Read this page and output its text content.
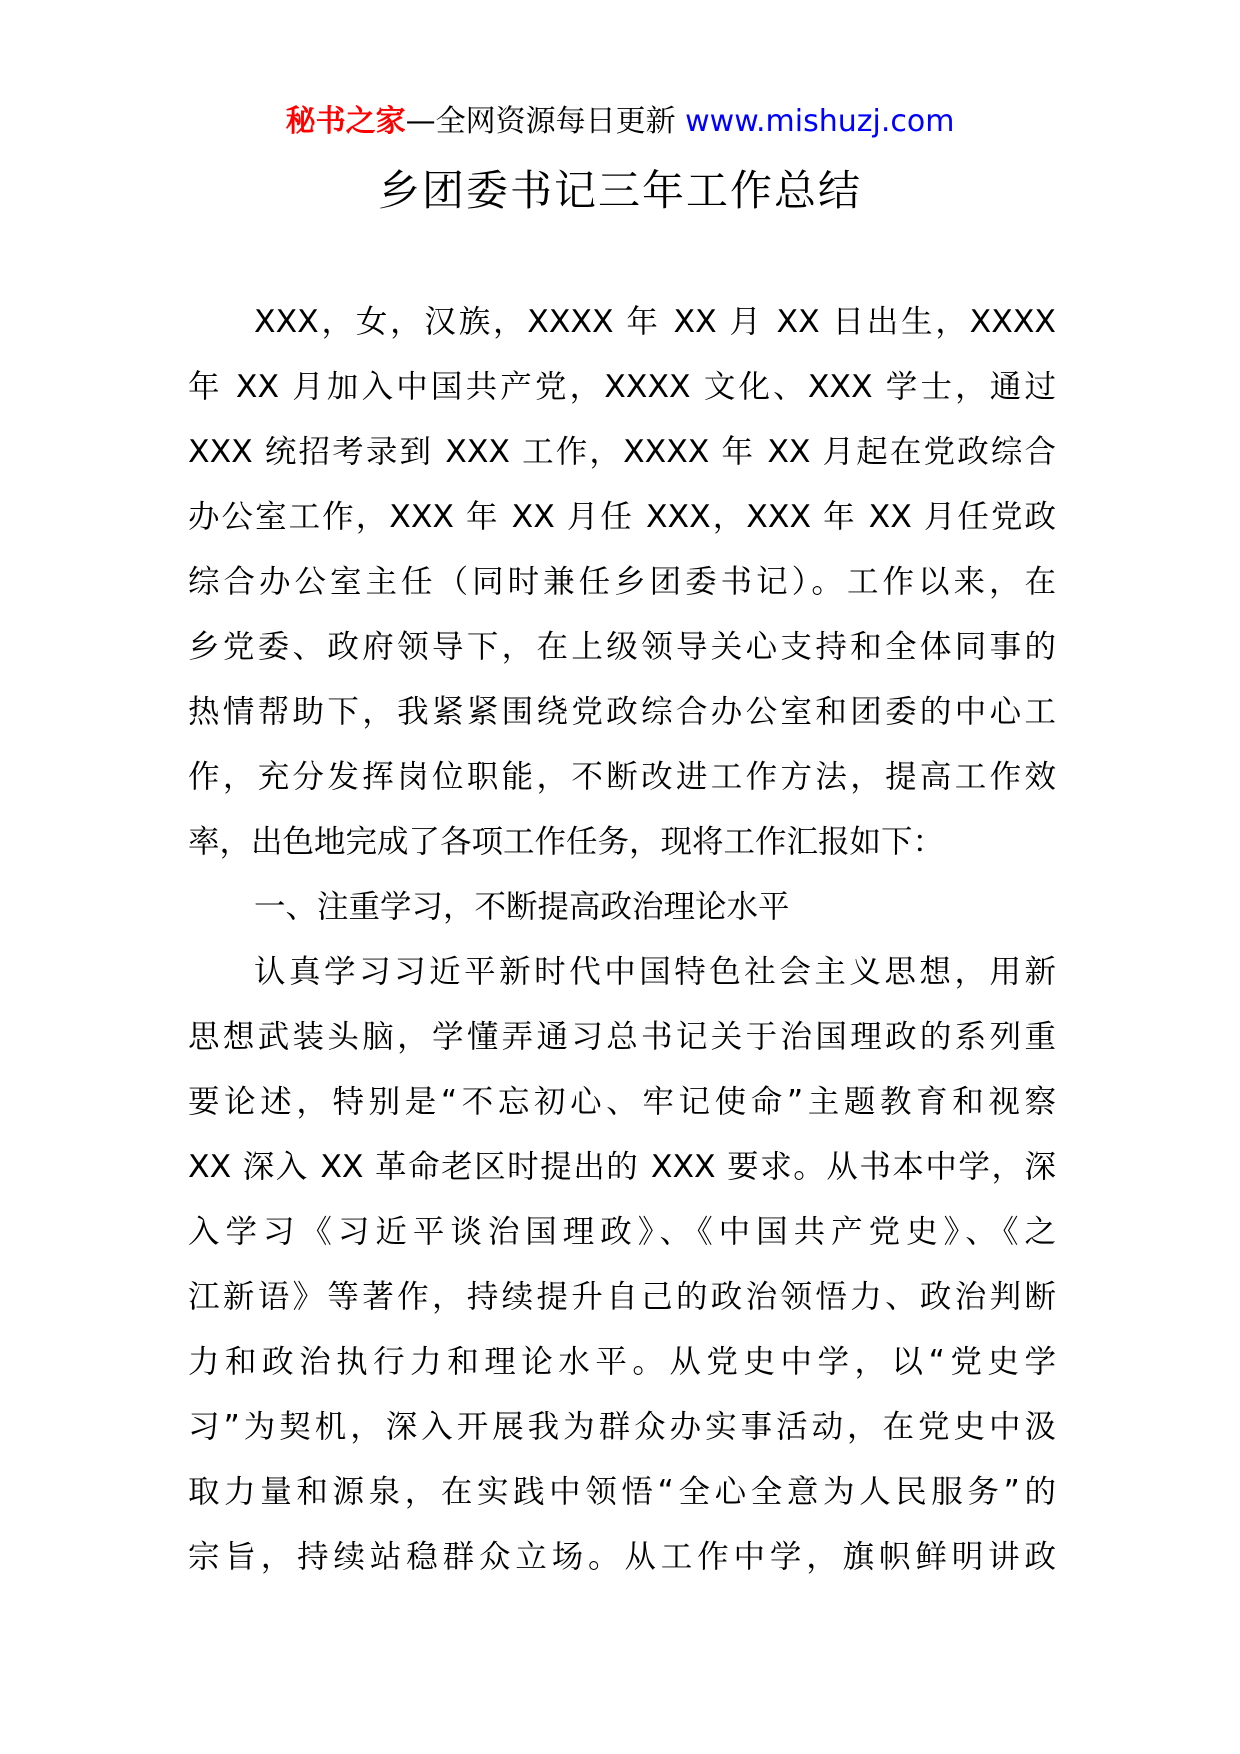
秘书之家—全网资源每日更新 www.mishuzj.com
乡团委书记三年工作总结
XXX，女，汉族，XXXX 年 XX 月 XX 日出生，XXXX
年 XX 月加入中国共产党，XXXX 文化、XXX 学士，通过
XXX 统招考录到 XXX 工作，XXXX 年 XX 月起在党政综合
办公室工作，XXX 年 XX 月任 XXX，XXX 年 XX 月任党政
综合办公室主任（同时兼任乡团委书记）。工作以来，在
乡党委、政府领导下，在上级领导关心支持和全体同事的
热情帮助下，我紧紧围绕党政综合办公室和团委的中心工
作，充分发挥岗位职能，不断改进工作方法，提高工作效
率，出色地完成了各项工作任务，现将工作汇报如下：
一、注重学习，不断提高政治理论水平
认真学习习近平新时代中国特色社会主义思想，用新
思想武装头脑，学懂弄通习总书记关于治国理政的系列重
要论述，特别是“不忘初心、牢记使命”主题教育和视察
XX 深入 XX 革命老区时提出的 XXX 要求。从书本中学，深
入学习《习近平谈治国理政》、《中国共产党史》、《之
江新语》等著作，持续提升自己的政治领悟力、政治判断
力和政治执行力和理论水平。从党史中学，以“党史学
习”为契机，深入开展我为群众办实事活动，在党史中汲
取力量和源泉，在实践中领悟“全心全意为人民服务”的
宗旨，持续站稳群众立场。从工作中学，旗帜鲜明讲政
